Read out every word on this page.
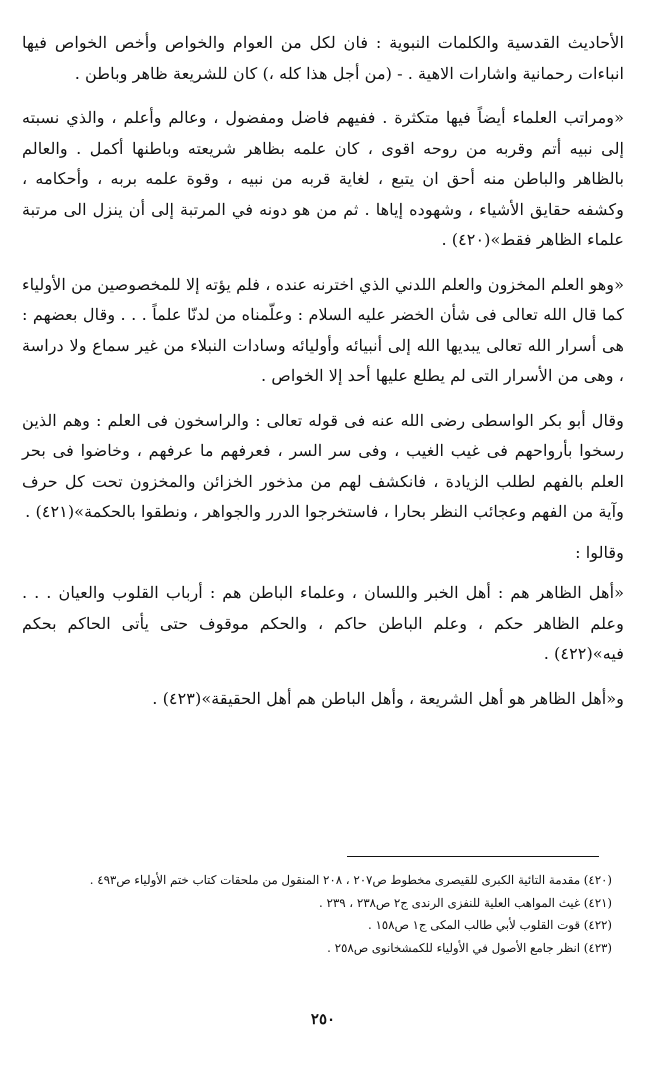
الأحاديث القدسية والكلمات النبوية : فان لكل من العوام والخواص وأخص الخواص فيها انباءات رحمانية واشارات الاهية . - (من أجل هذا كله ،) كان للشريعة ظاهر وباطن .

«ومراتب العلماء أيضاً فيها متكثرة . ففيهم فاضل ومفضول ، وعالم وأعلم ، والذي نسبته إلى نبيه أتم وقربه من روحه اقوى ، كان علمه بظاهر شريعته وباطنها أكمل . والعالم بالظاهر والباطن منه أحق ان يتبع ، لغاية قربه من نبيه ، وقوة علمه بربه ، وأحكامه ، وكشفه حقايق الأشياء ، وشهوده إياها . ثم من هو دونه في المرتبة إلى أن ينزل الى مرتبة علماء الظاهر فقط»(٤٢٠) .

«وهو العلم المخزون والعلم اللدني الذي اخترنه عنده ، فلم يؤته إلا للمخصوصين من الأولياء كما قال الله تعالى فى شأن الخضر عليه السلام : وعلّمناه من لدنّا علماً . . . وقال بعضهم : هى أسرار الله تعالى يبديها الله إلى أنبيائه وأوليائه وسادات النبلاء من غير سماع ولا دراسة ، وهى من الأسرار التى لم يطلع عليها أحد إلا الخواص .

وقال أبو بكر الواسطى رضى الله عنه فى قوله تعالى : والراسخون فى العلم : وهم الذين رسخوا بأرواحهم فى غيب الغيب ، وفى سر السر ، فعرفهم ما عرفهم ، وخاضوا فى بحر العلم بالفهم لطلب الزيادة ، فانكشف لهم من مذخور الخزائن والمخزون تحت كل حرف وآية من الفهم وعجائب النظر بحارا ، فاستخرجوا الدرر والجواهر ، ونطقوا بالحكمة»(٤٢١) .

وقالوا :

«أهل الظاهر هم : أهل الخبر واللسان ، وعلماء الباطن هم : أرباب القلوب والعيان . . . وعلم الظاهر حكم ، وعلم الباطن حاكم ، والحكم موقوف حتى يأتى الحاكم بحكم فيه»(٤٢٢) .

و«أهل الظاهر هو أهل الشريعة ، وأهل الباطن هم أهل الحقيقة»(٤٢٣) .

(٤٢٠) مقدمة التائية الكبرى للقيصرى مخطوط ص٢٠٧ ، ٢٠٨ المنقول من ملحقات كتاب ختم الأولياء ص٤٩٣ .

(٤٢١) غيث المواهب العلية للنفزى الرندى ج٢ ص٢٣٨ ، ٢٣٩ .

(٤٢٢) قوت القلوب لأبي طالب المكى ج١ ص١٥٨ .

(٤٢٣) انظر جامع الأصول في الأولياء للكمشخانوى ص٢٥٨ .

٢٥٠
